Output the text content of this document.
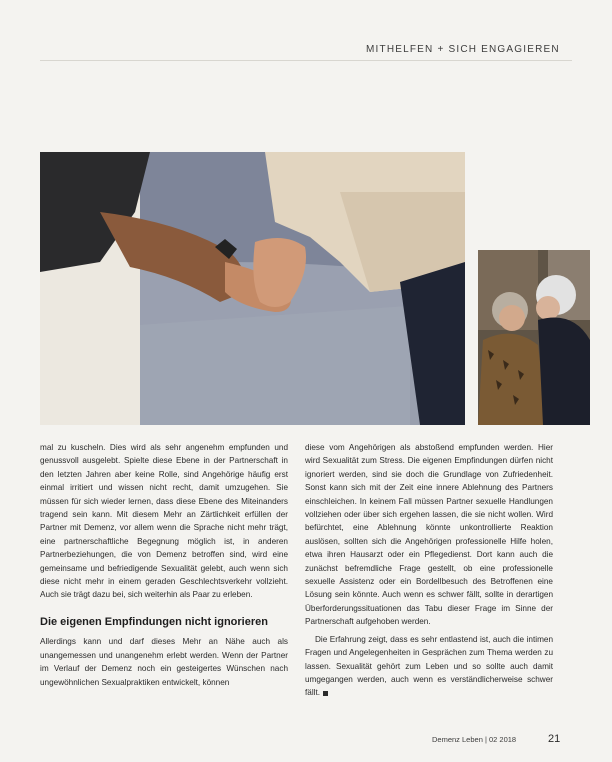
MITHELFEN + SICH ENGAGIEREN

mal zu kuscheln. Dies wird als sehr angenehm empfunden und genussvoll ausgelebt. Spielte diese Ebene in der Partnerschaft in den letzten Jahren aber keine Rolle, sind Angehörige häufig erst einmal irritiert und wissen nicht recht, damit umzugehen. Sie müssen für sich wieder lernen, dass diese Ebene des Miteinanders tragend sein kann. Mit diesem Mehr an Zärtlichkeit erfüllen der Partner mit Demenz, vor allem wenn die Sprache nicht mehr trägt, eine partnerschaftliche Begegnung möglich ist, in anderen Partnerbeziehungen, die von Demenz betroffen sind, wird eine gemeinsame und befriedigende Sexualität gelebt, auch wenn sich diese nicht mehr in einem geraden Geschlechtsverkehr vollzieht. Auch sie trägt dazu bei, sich weiterhin als Paar zu erleben.

Die eigenen Empfindungen nicht ignorieren

Allerdings kann und darf dieses Mehr an Nähe auch als unangemessen und unangenehm erlebt werden. Wenn der Partner im Verlauf der Demenz noch ein gesteigertes Wünschen nach ungewöhnlichen Sexualpraktiken entwickelt, können

diese vom Angehörigen als abstoßend empfunden werden. Hier wird Sexualität zum Stress. Die eigenen Empfindungen dürfen nicht ignoriert werden, sind sie doch die Grundlage von Zufriedenheit. Sonst kann sich mit der Zeit eine innere Ablehnung des Partners einschleichen. In keinem Fall müssen Partner sexuelle Handlungen vollziehen oder über sich ergehen lassen, die sie nicht wollen. Wird befürchtet, eine Ablehnung könnte unkontrollierte Reaktion auslösen, sollten sich die Angehörigen professionelle Hilfe holen, etwa ihren Hausarzt oder ein Pflegedienst. Dort kann auch die zunächst befremdliche Frage gestellt, ob eine professionelle sexuelle Assistenz oder ein Bordellbesuch des Betroffenen eine Lösung sein könnte. Auch wenn es schwer fällt, sollte in derartigen Überforderungssituationen das Tabu dieser Frage im Sinne der Partnerschaft aufgehoben werden.

Die Erfahrung zeigt, dass es sehr entlastend ist, auch die intimen Fragen und Angelegenheiten in Gesprächen zum Thema werden zu lassen. Sexualität gehört zum Leben und so sollte auch damit umgegangen werden, auch wenn es verständlicherweise schwer fällt.

Demenz Leben | 02 2018	21
